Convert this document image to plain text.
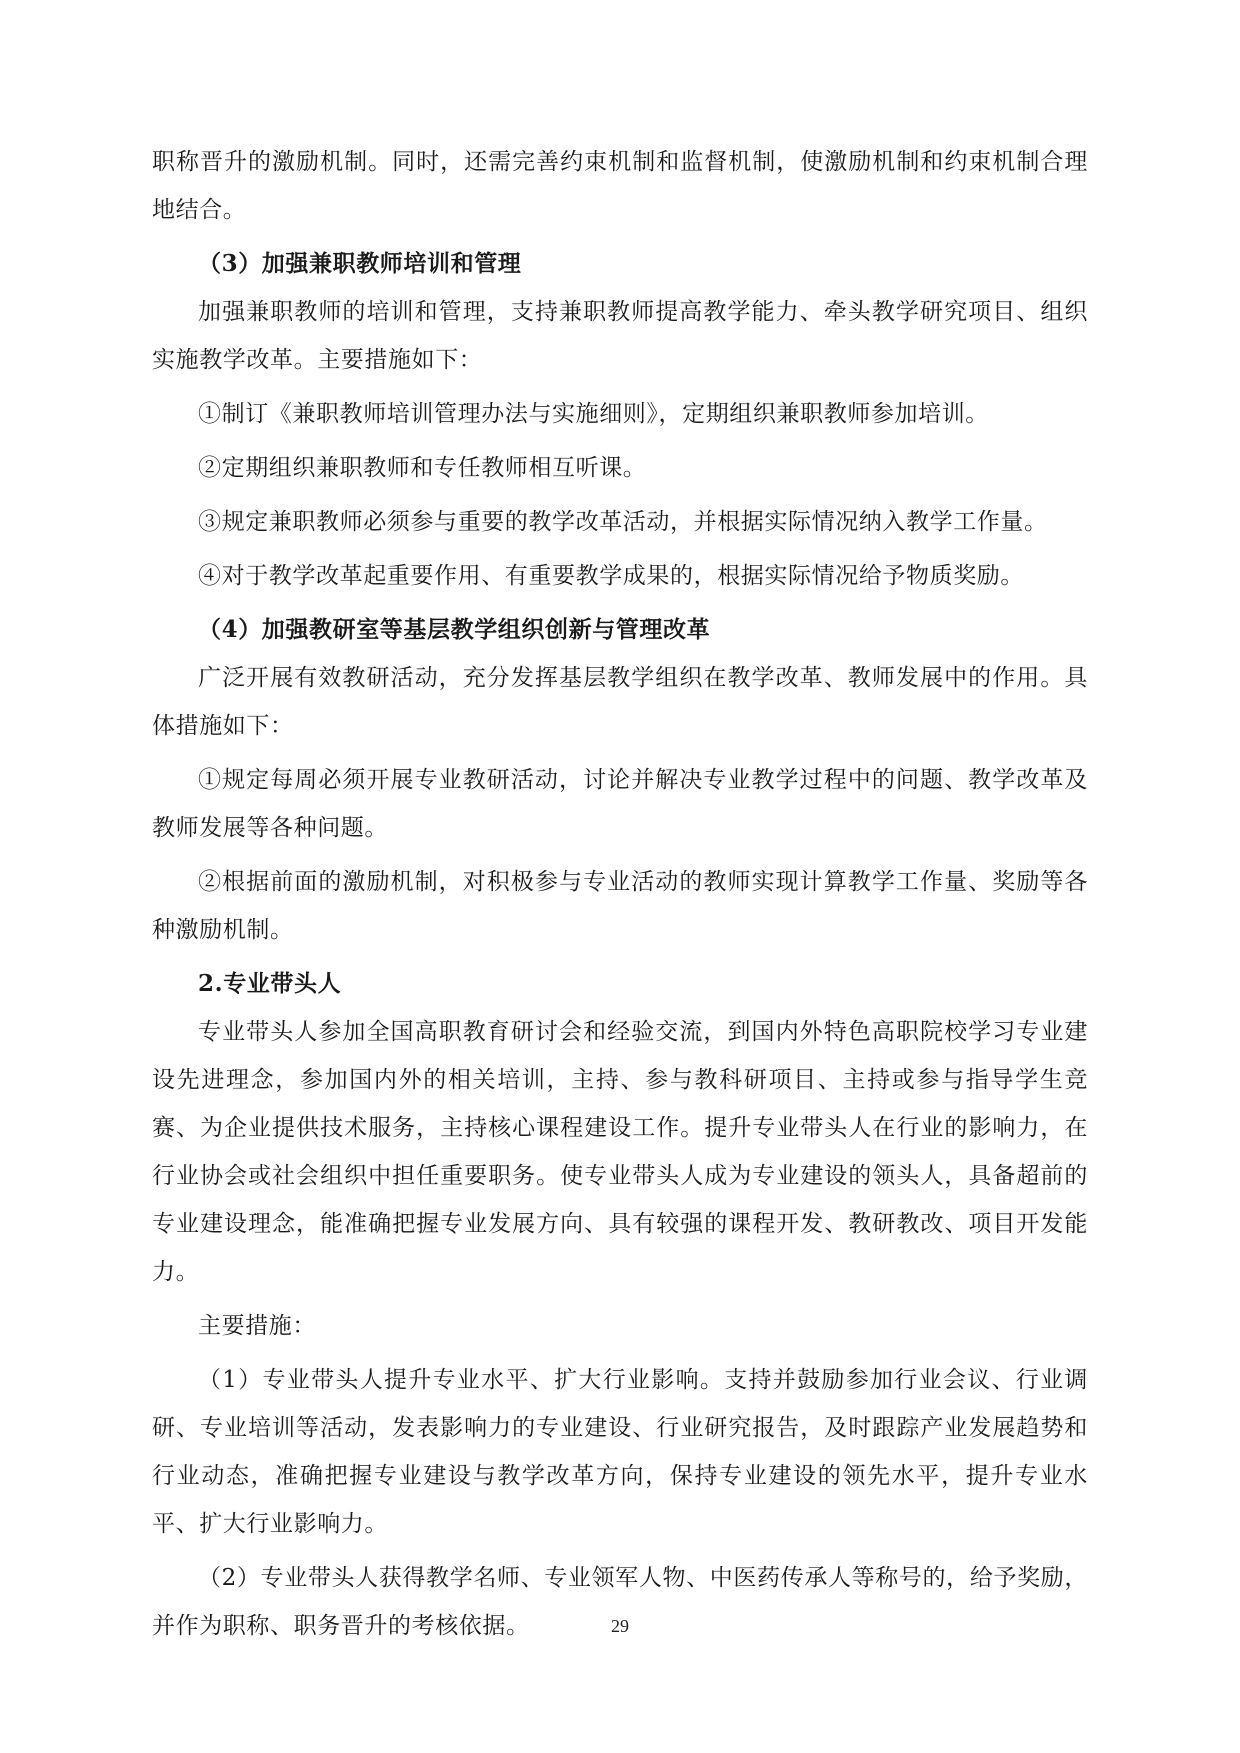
职称晋升的激励机制。同时，还需完善约束机制和监督机制，使激励机制和约束机制合理地结合。

（3）加强兼职教师培训和管理

加强兼职教师的培训和管理，支持兼职教师提高教学能力、牵头教学研究项目、组织实施教学改革。主要措施如下：

①制订《兼职教师培训管理办法与实施细则》，定期组织兼职教师参加培训。

②定期组织兼职教师和专任教师相互听课。

③规定兼职教师必须参与重要的教学改革活动，并根据实际情况纳入教学工作量。

④对于教学改革起重要作用、有重要教学成果的，根据实际情况给予物质奖励。

（4）加强教研室等基层教学组织创新与管理改革

广泛开展有效教研活动，充分发挥基层教学组织在教学改革、教师发展中的作用。具体措施如下：

①规定每周必须开展专业教研活动，讨论并解决专业教学过程中的问题、教学改革及教师发展等各种问题。

②根据前面的激励机制，对积极参与专业活动的教师实现计算教学工作量、奖励等各种激励机制。

2.专业带头人

专业带头人参加全国高职教育研讨会和经验交流，到国内外特色高职院校学习专业建设先进理念，参加国内外的相关培训，主持、参与教科研项目、主持或参与指导学生竞赛、为企业提供技术服务，主持核心课程建设工作。提升专业带头人在行业的影响力，在行业协会或社会组织中担任重要职务。使专业带头人成为专业建设的领头人，具备超前的专业建设理念，能准确把握专业发展方向、具有较强的课程开发、教研教改、项目开发能力。

主要措施：

（1）专业带头人提升专业水平、扩大行业影响。支持并鼓励参加行业会议、行业调研、专业培训等活动，发表影响力的专业建设、行业研究报告，及时跟踪产业发展趋势和行业动态，准确把握专业建设与教学改革方向，保持专业建设的领先水平，提升专业水平、扩大行业影响力。

（2）专业带头人获得教学名师、专业领军人物、中医药传承人等称号的，给予奖励，并作为职称、职务晋升的考核依据。	29
